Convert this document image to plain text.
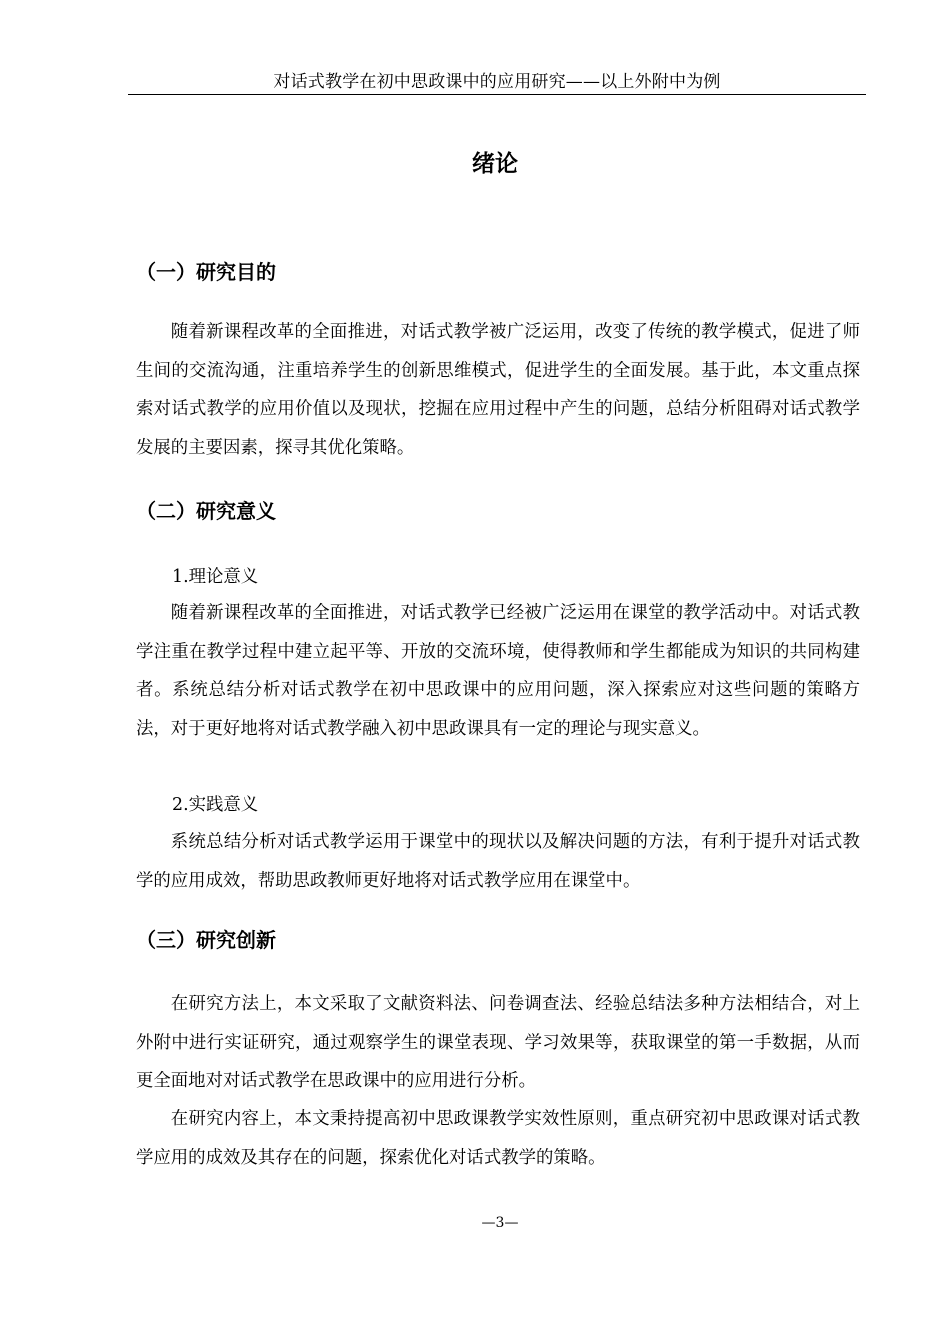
对话式教学在初中思政课中的应用研究——以上外附中为例
绪论
（一）研究目的

随着新课程改革的全面推进，对话式教学被广泛运用，改变了传统的教学模式，促进了师生间的交流沟通，注重培养学生的创新思维模式，促进学生的全面发展。基于此，本文重点探索对话式教学的应用价值以及现状，挖掘在应用过程中产生的问题，总结分析阻碍对话式教学发展的主要因素，探寻其优化策略。

（二）研究意义
1.理论意义

随着新课程改革的全面推进，对话式教学已经被广泛运用在课堂的教学活动中。对话式教学注重在教学过程中建立起平等、开放的交流环境，使得教师和学生都能成为知识的共同构建者。系统总结分析对话式教学在初中思政课中的应用问题，深入探索应对这些问题的策略方法，对于更好地将对话式教学融入初中思政课具有一定的理论与现实意义。

2.实践意义

系统总结分析对话式教学运用于课堂中的现状以及解决问题的方法，有利于提升对话式教学的应用成效，帮助思政教师更好地将对话式教学应用在课堂中。

（三）研究创新

在研究方法上，本文采取了文献资料法、问卷调查法、经验总结法多种方法相结合，对上外附中进行实证研究，通过观察学生的课堂表现、学习效果等，获取课堂的第一手数据，从而更全面地对对话式教学在思政课中的应用进行分析。

在研究内容上，本文秉持提高初中思政课教学实效性原则，重点研究初中思政课对话式教学应用的成效及其存在的问题，探索优化对话式教学的策略。

—3—
